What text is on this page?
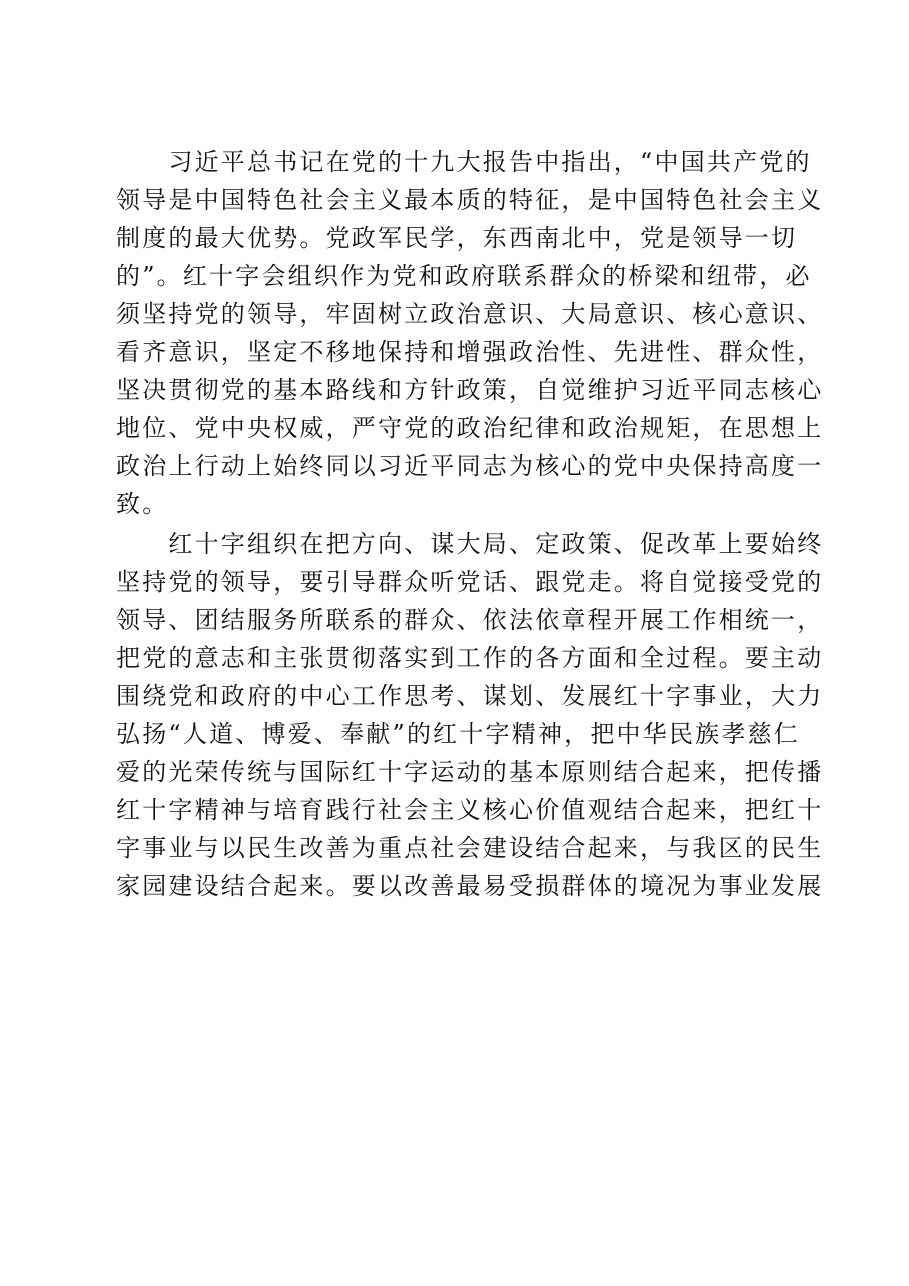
　　习近平总书记在党的十九大报告中指出，“中国共产党的
领导是中国特色社会主义最本质的特征，是中国特色社会主义
制度的最大优势。党政军民学，东西南北中，党是领导一切
的”。红十字会组织作为党和政府联系群众的桥梁和纽带，必
须坚持党的领导，牢固树立政治意识、大局意识、核心意识、
看齐意识，坚定不移地保持和增强政治性、先进性、群众性，
坚决贯彻党的基本路线和方针政策，自觉维护习近平同志核心
地位、党中央权威，严守党的政治纪律和政治规矩，在思想上
政治上行动上始终同以习近平同志为核心的党中央保持高度一
致。
　　红十字组织在把方向、谋大局、定政策、促改革上要始终
坚持党的领导，要引导群众听党话、跟党走。将自觉接受党的
领导、团结服务所联系的群众、依法依章程开展工作相统一，
把党的意志和主张贯彻落实到工作的各方面和全过程。要主动
围绕党和政府的中心工作思考、谋划、发展红十字事业，大力
弘扬“人道、博爱、奉献”的红十字精神，把中华民族孝慈仁
爱的光荣传统与国际红十字运动的基本原则结合起来，把传播
红十字精神与培育践行社会主义核心价值观结合起来，把红十
字事业与以民生改善为重点社会建设结合起来，与我区的民生
家园建设结合起来。要以改善最易受损群体的境况为事业发展
